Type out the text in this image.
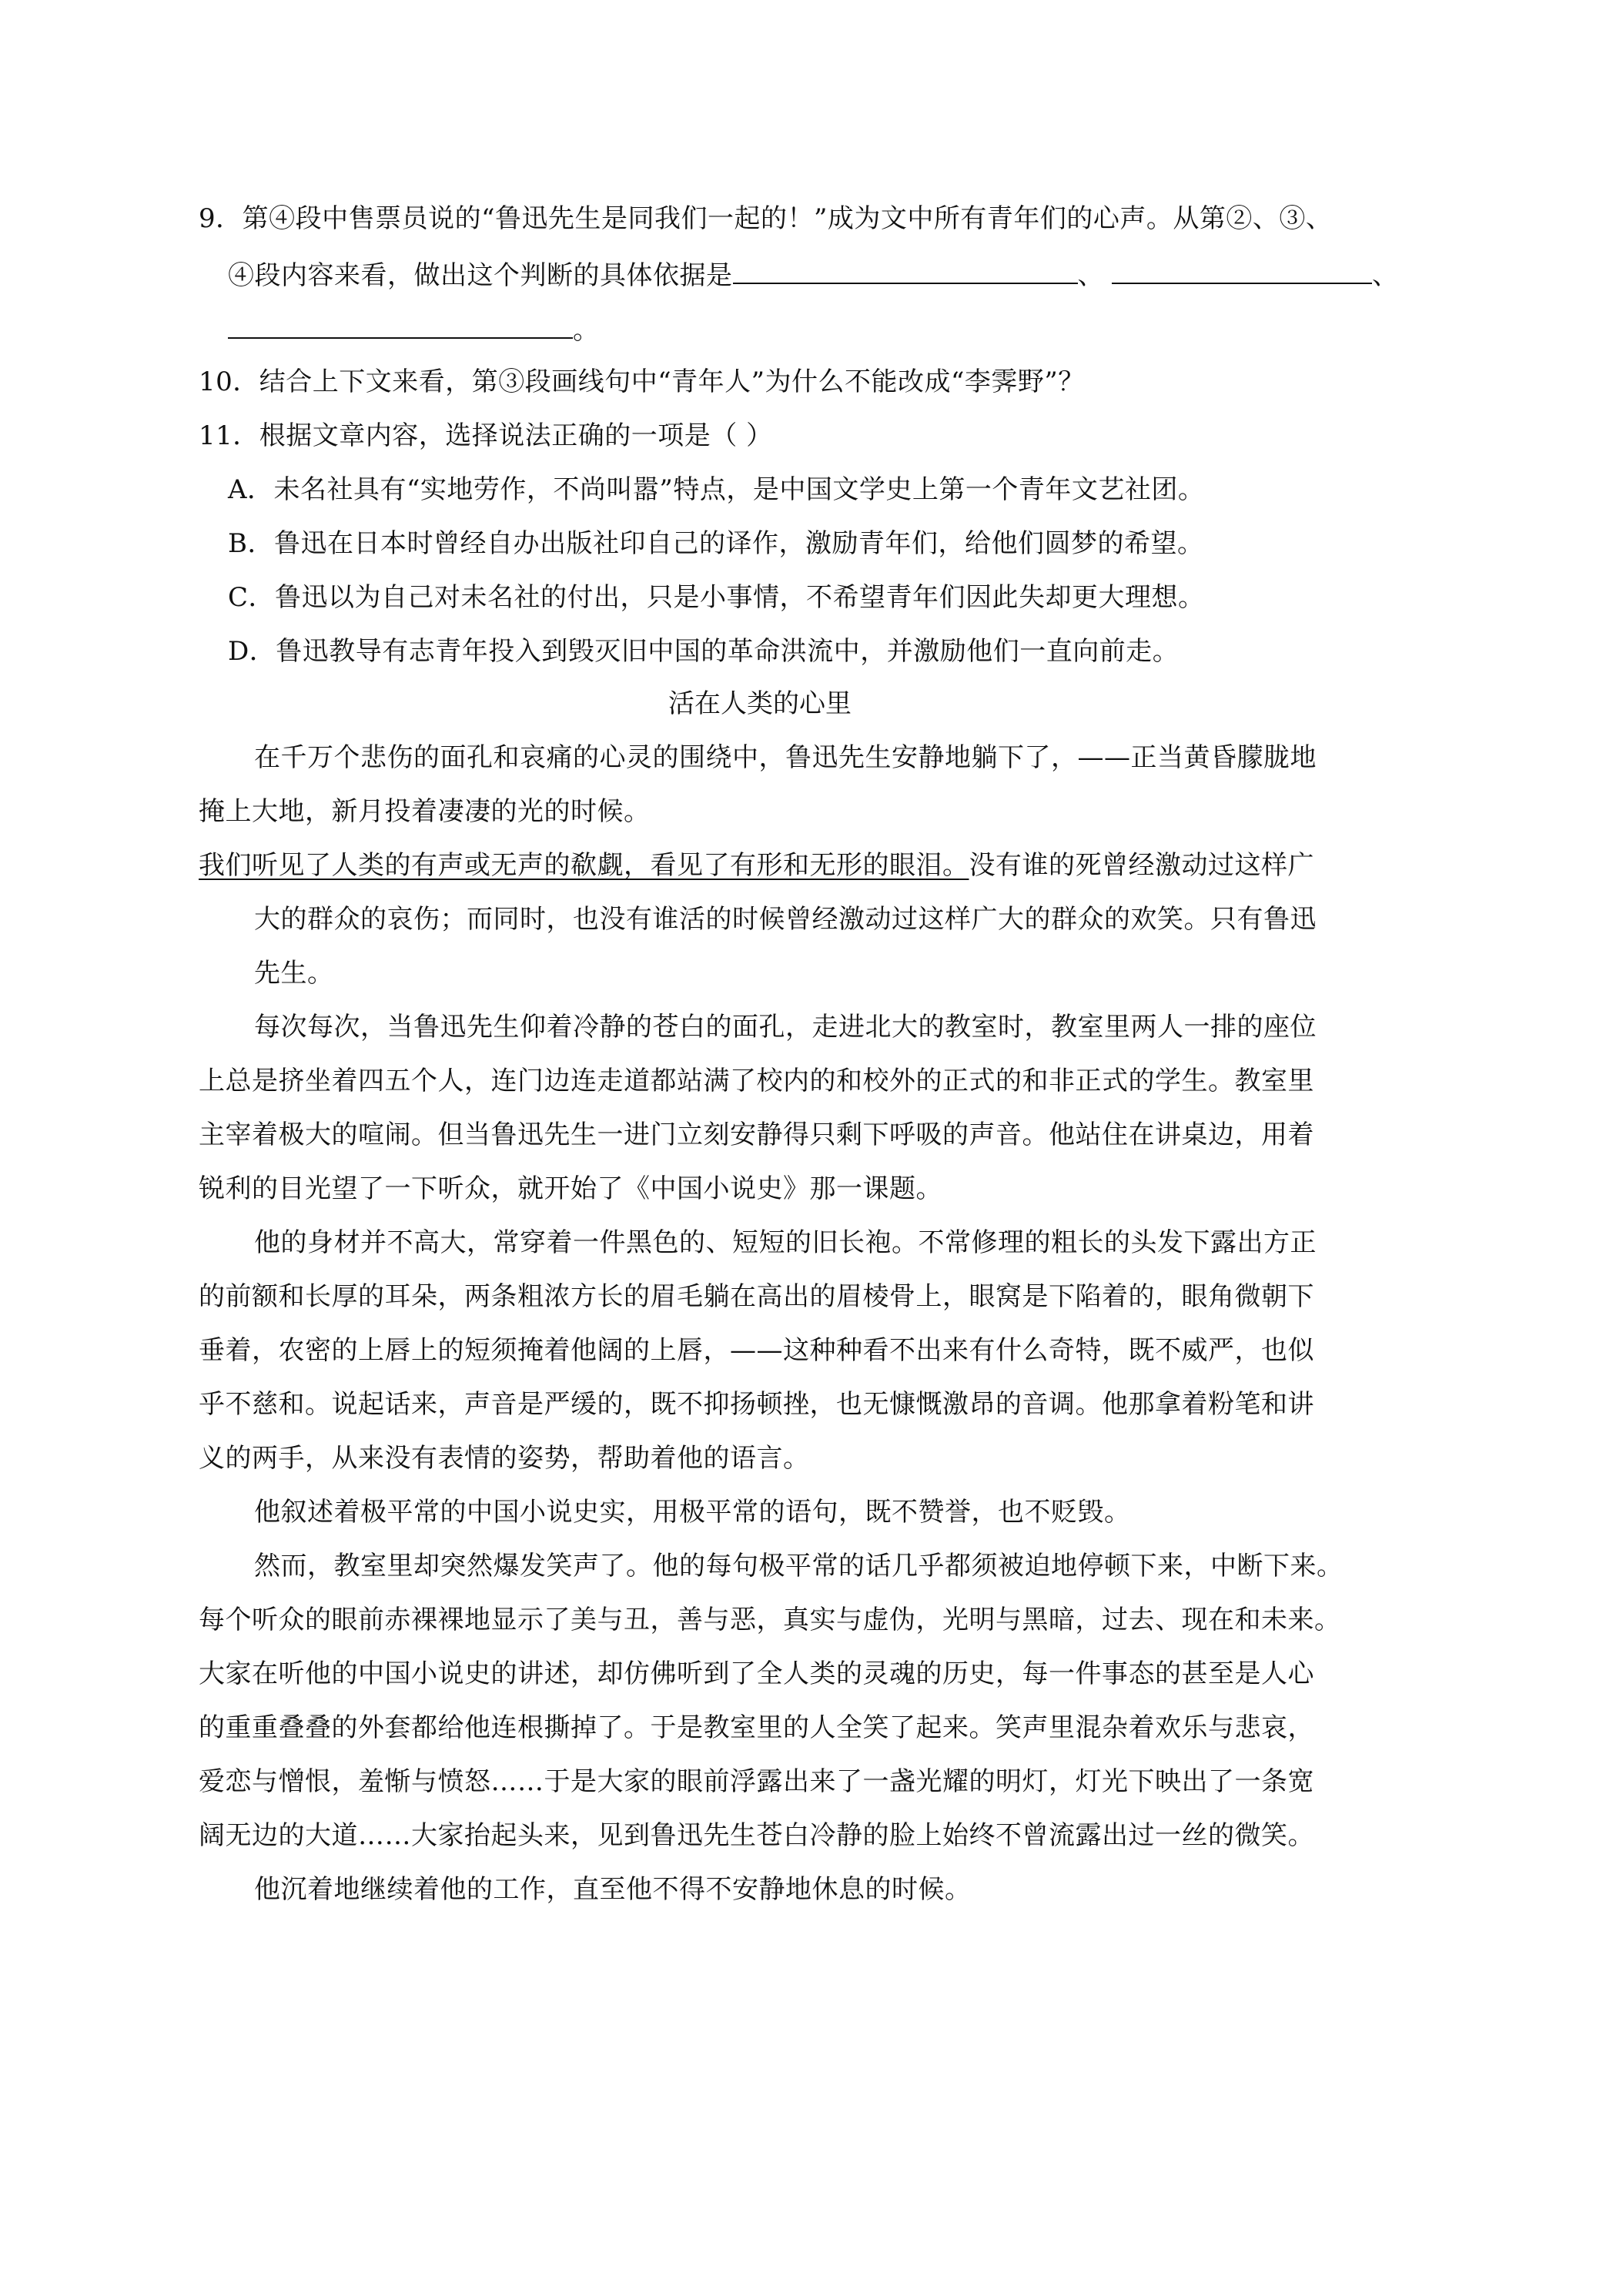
9．第④段中售票员说的“鲁迅先生是同我们一起的！”成为文中所有青年们的心声。从第②、③、
④段内容来看，做出这个判断的具体依据是	、	、
。
10．结合上下文来看，第③段画线句中“青年人”为什么不能改成“李霁野”？
11．根据文章内容，选择说法正确的一项是（ ）
A．未名社具有“实地劳作，不尚叫嚣”特点，是中国文学史上第一个青年文艺社团。
B．鲁迅在日本时曾经自办出版社印自己的译作，激励青年们，给他们圆梦的希望。
C．鲁迅以为自己对未名社的付出，只是小事情，不希望青年们因此失却更大理想。
D．鲁迅教导有志青年投入到毁灭旧中国的革命洪流中，并激励他们一直向前走。
活在人类的心里
在千万个悲伤的面孔和哀痛的心灵的围绕中，鲁迅先生安静地躺下了，——正当黄昏朦胧地
掩上大地，新月投着凄凄的光的时候。
我们听见了人类的有声或无声的欷觑，看见了有形和无形的眼泪。没有谁的死曾经激动过这样广
大的群众的哀伤；而同时，也没有谁活的时候曾经激动过这样广大的群众的欢笑。只有鲁迅
先生。
每次每次，当鲁迅先生仰着冷静的苍白的面孔，走进北大的教室时，教室里两人一排的座位
上总是挤坐着四五个人，连门边连走道都站满了校内的和校外的正式的和非正式的学生。教室里
主宰着极大的喧闹。但当鲁迅先生一进门立刻安静得只剩下呼吸的声音。他站住在讲桌边，用着
锐利的目光望了一下听众，就开始了《中国小说史》那一课题。
他的身材并不高大，常穿着一件黑色的、短短的旧长袍。不常修理的粗长的头发下露出方正
的前额和长厚的耳朵，两条粗浓方长的眉毛躺在高出的眉棱骨上，眼窝是下陷着的，眼角微朝下
垂着，农密的上唇上的短须掩着他阔的上唇，——这种种看不出来有什么奇特，既不威严，也似
乎不慈和。说起话来，声音是严缓的，既不抑扬顿挫，也无慷慨激昂的音调。他那拿着粉笔和讲
义的两手，从来没有表情的姿势，帮助着他的语言。
他叙述着极平常的中国小说史实，用极平常的语句，既不赞誉，也不贬毁。
然而，教室里却突然爆发笑声了。他的每句极平常的话几乎都须被迫地停顿下来，中断下来。
每个听众的眼前赤裸裸地显示了美与丑，善与恶，真实与虚伪，光明与黑暗，过去、现在和未来。
大家在听他的中国小说史的讲述，却仿佛听到了全人类的灵魂的历史，每一件事态的甚至是人心
的重重叠叠的外套都给他连根撕掉了。于是教室里的人全笑了起来。笑声里混杂着欢乐与悲哀，
爱恋与憎恨，羞惭与愤怒……于是大家的眼前浮露出来了一盏光耀的明灯，灯光下映出了一条宽
阔无边的大道……大家抬起头来，见到鲁迅先生苍白冷静的脸上始终不曾流露出过一丝的微笑。
他沉着地继续着他的工作，直至他不得不安静地休息的时候。
